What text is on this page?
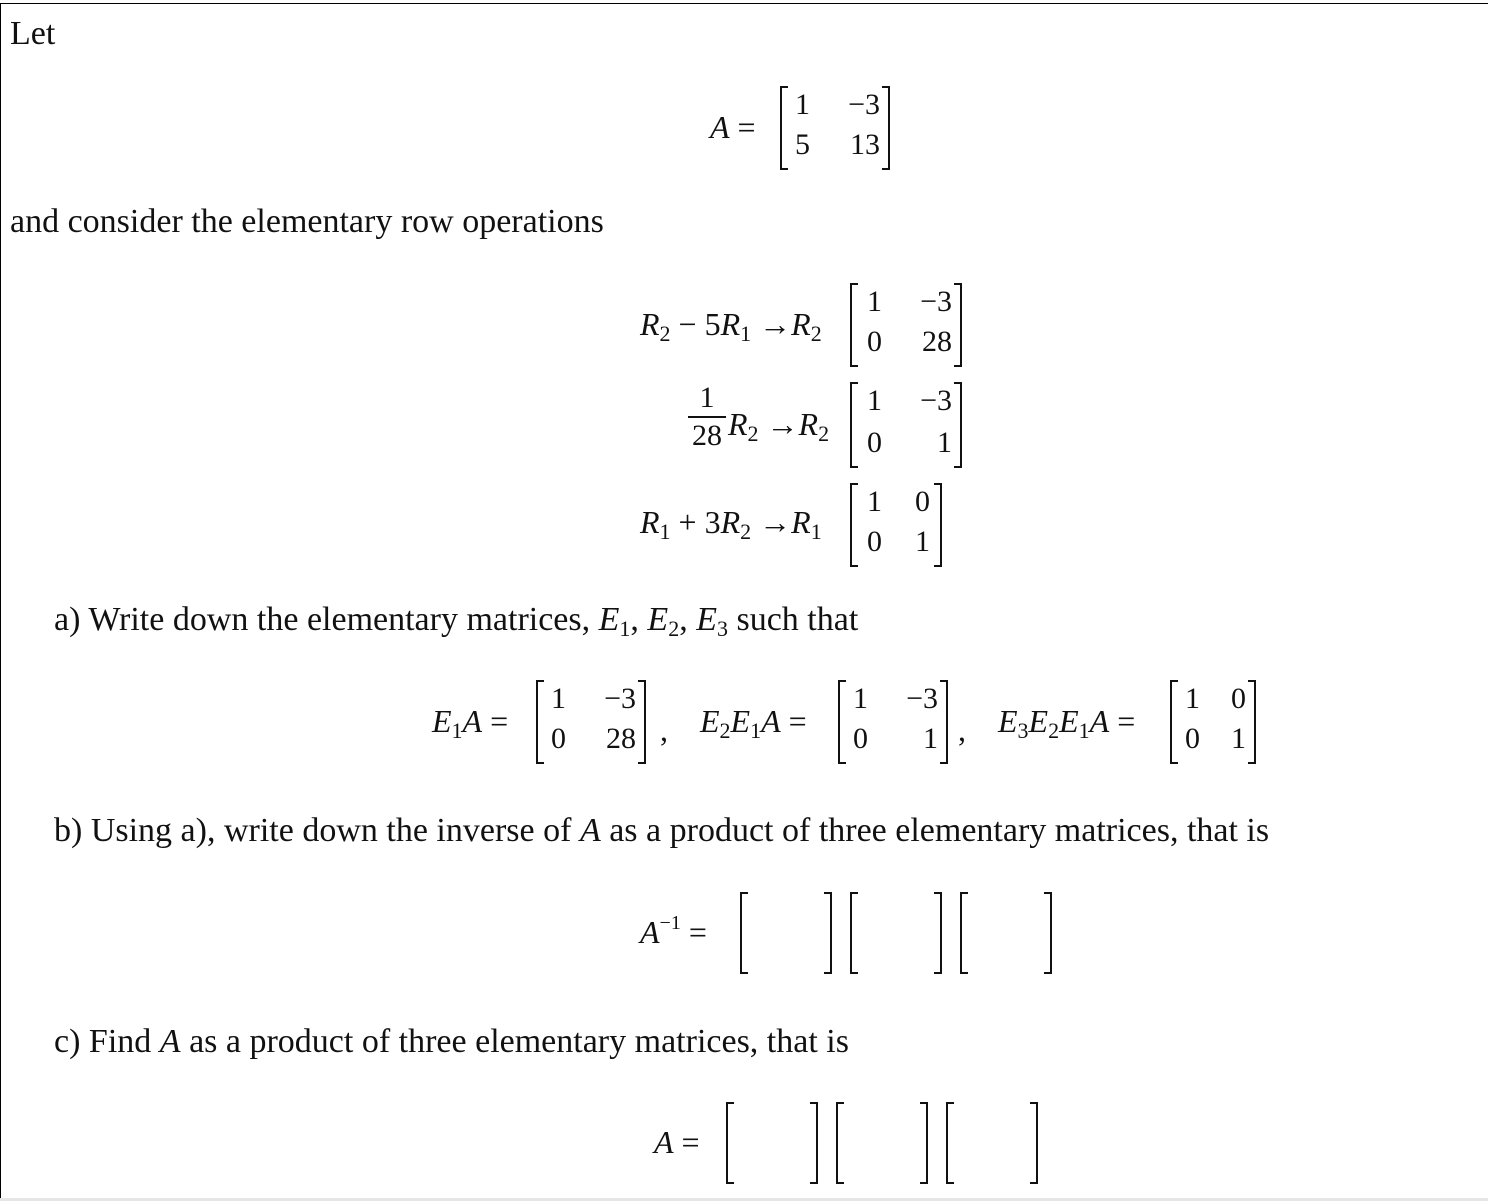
Let
A =
1	−3
5	13
and consider the elementary row operations
$R_2 - 5R_1 \to R_2$
1	−3
0	28
1
28 $R_2 \to R_2$
1	−3
0	1
$R_1 + 3R_2 \to R_1$
1	0
0	1
a) Write down the elementary matrices, $E_1$, $E_2$, $E_3$ such that
$E_1A$ =
1	−3
0	28 , $E_2E_1A$ =
1	−3
0	1 , $E_3E_2E_1A$ =
1	0
0	1
b) Using a), write down the inverse of A as a product of three elementary matrices, that is
$A^{-1}$ =
c) Find A as a product of three elementary matrices, that is
A =
